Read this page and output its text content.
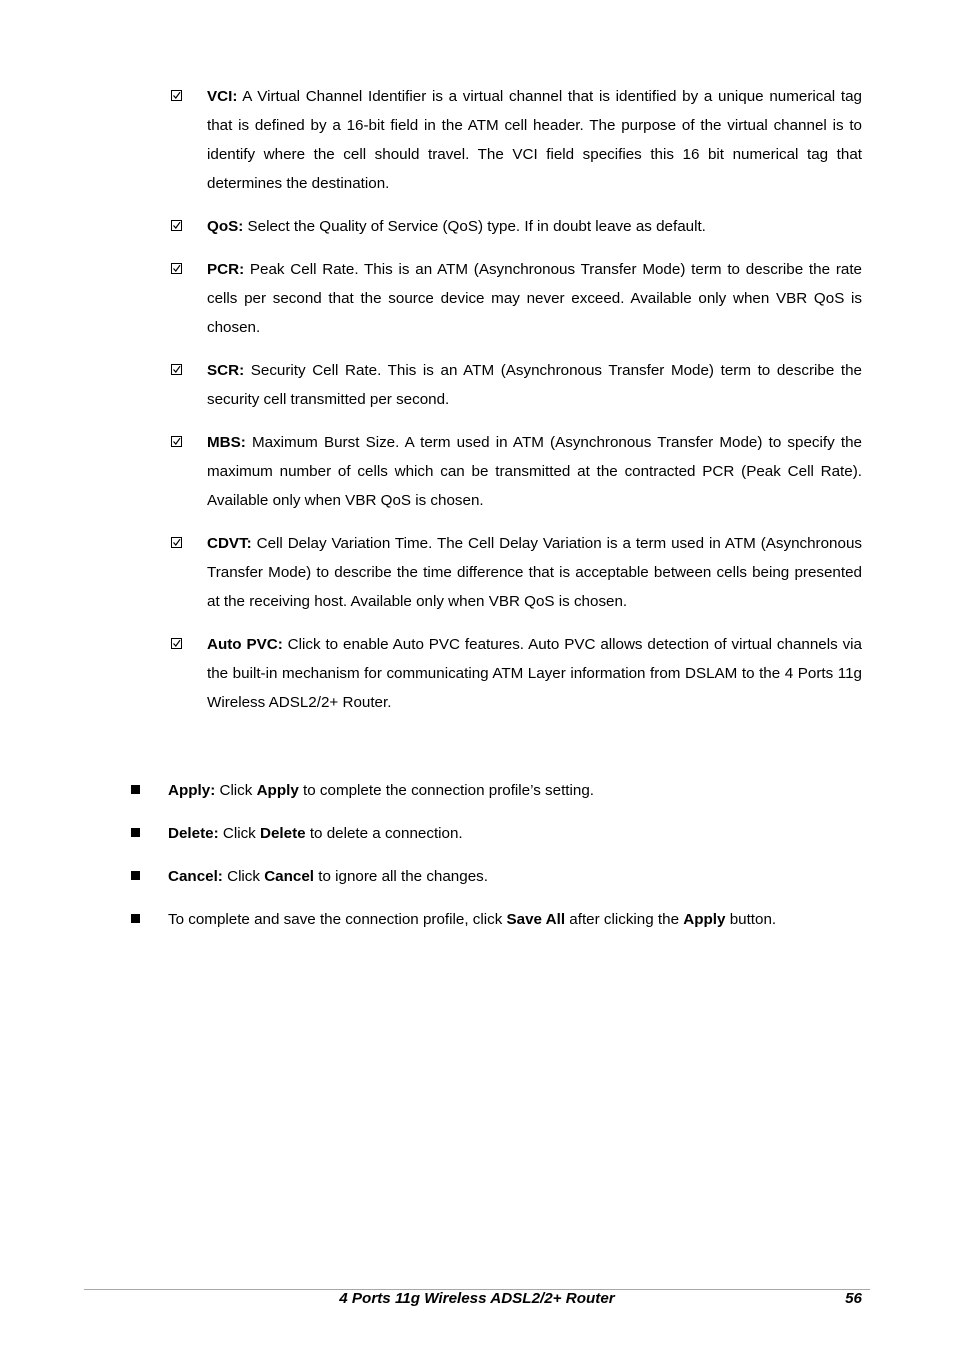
VCI: A Virtual Channel Identifier is a virtual channel that is identified by a unique numerical tag that is defined by a 16-bit field in the ATM cell header. The purpose of the virtual channel is to identify where the cell should travel. The VCI field specifies this 16 bit numerical tag that determines the destination.
QoS: Select the Quality of Service (QoS) type. If in doubt leave as default.
PCR: Peak Cell Rate. This is an ATM (Asynchronous Transfer Mode) term to describe the rate cells per second that the source device may never exceed. Available only when VBR QoS is chosen.
SCR: Security Cell Rate. This is an ATM (Asynchronous Transfer Mode) term to describe the security cell transmitted per second.
MBS: Maximum Burst Size. A term used in ATM (Asynchronous Transfer Mode) to specify the maximum number of cells which can be transmitted at the contracted PCR (Peak Cell Rate). Available only when VBR QoS is chosen.
CDVT: Cell Delay Variation Time. The Cell Delay Variation is a term used in ATM (Asynchronous Transfer Mode) to describe the time difference that is acceptable between cells being presented at the receiving host. Available only when VBR QoS is chosen.
Auto PVC: Click to enable Auto PVC features. Auto PVC allows detection of virtual channels via the built-in mechanism for communicating ATM Layer information from DSLAM to the 4 Ports 11g Wireless ADSL2/2+ Router.
Apply: Click Apply to complete the connection profile’s setting.
Delete: Click Delete to delete a connection.
Cancel: Click Cancel to ignore all the changes.
To complete and save the connection profile, click Save All after clicking the Apply button.
4 Ports 11g Wireless ADSL2/2+ Router	56
